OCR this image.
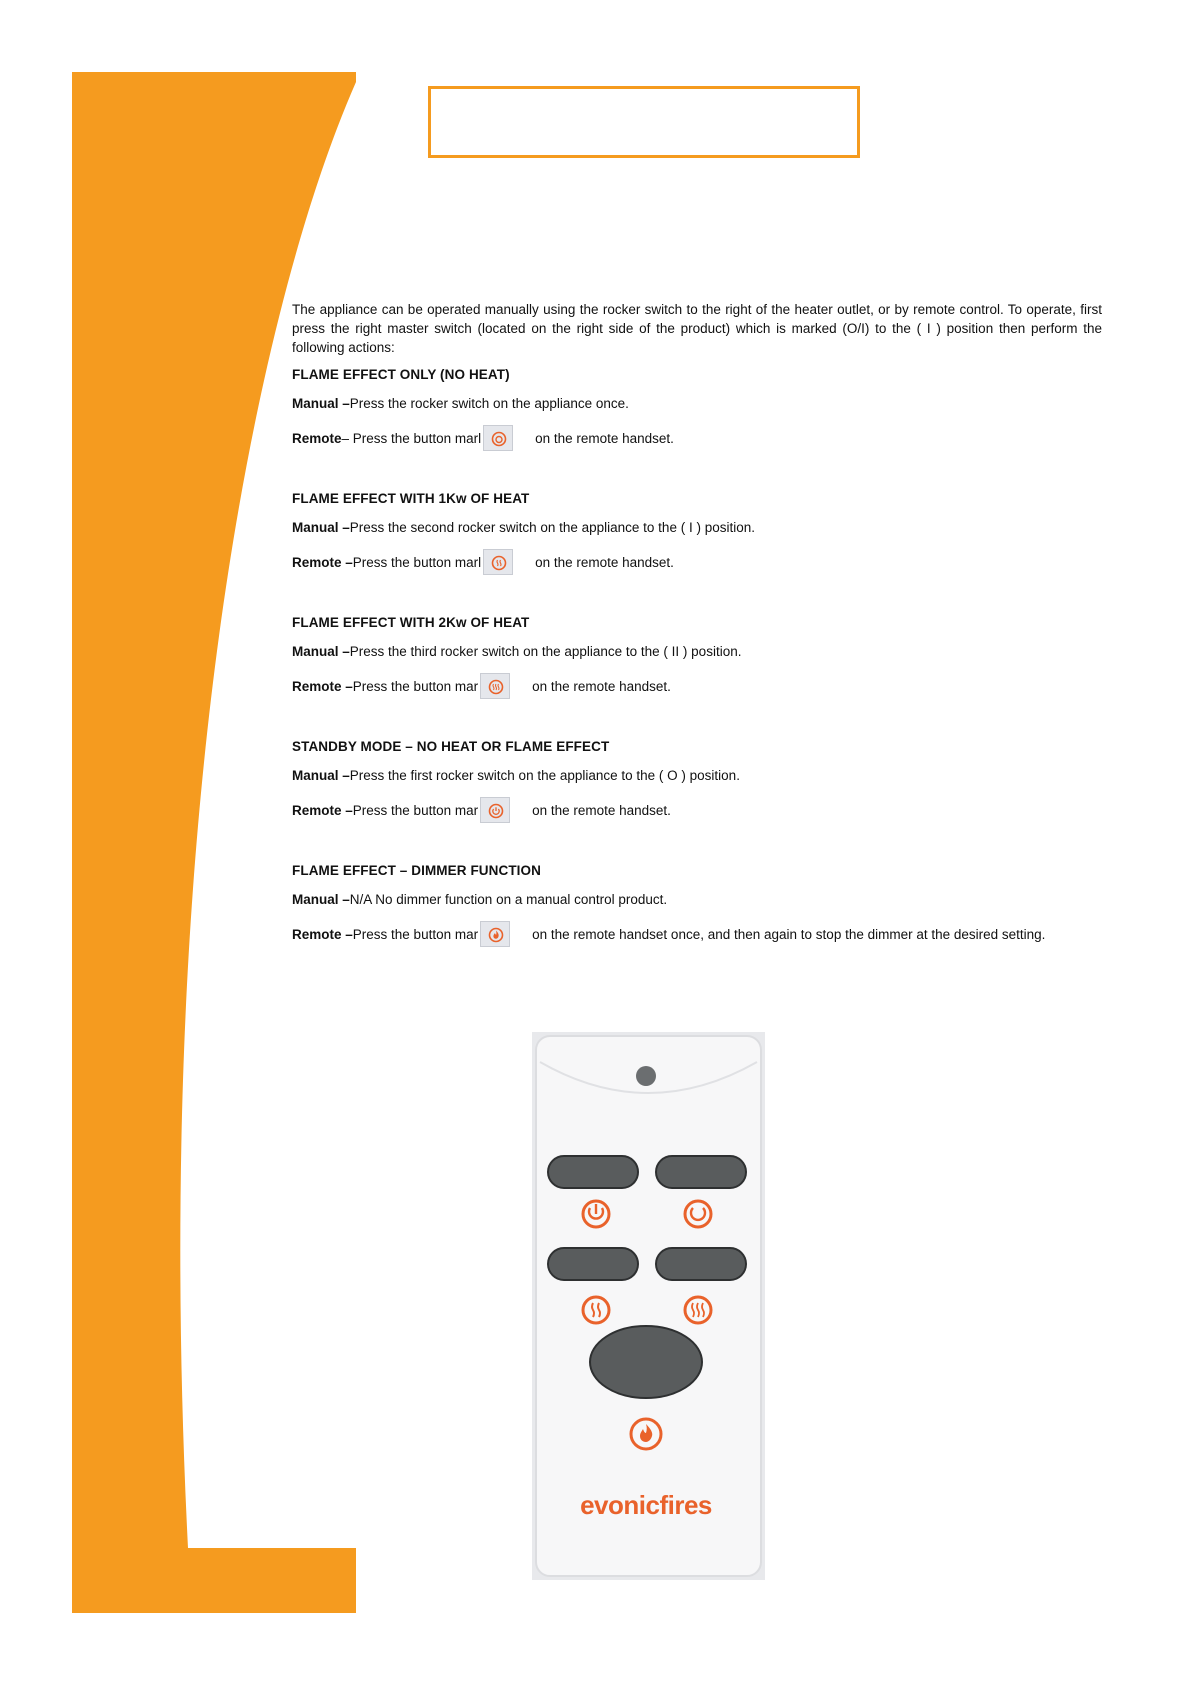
The appliance can be operated manually using the rocker switch to the right of the heater outlet, or by remote control. To operate, first press the right master switch (located on the right side of the product) which is marked (O/I) to the ( I ) position then perform the following actions:

FLAME EFFECT ONLY (NO HEAT)
Manual – Press the rocker switch on the appliance once.
Remote – Press the button marl	on the remote handset.
FLAME EFFECT WITH 1Kw OF HEAT
Manual – Press the second rocker switch on the appliance to the ( I ) position.
Remote – Press the button marl	on the remote handset.
FLAME EFFECT WITH 2Kw OF HEAT
Manual – Press the third rocker switch on the appliance to the ( II ) position.
Remote – Press the button mar	on the remote handset.
STANDBY MODE – NO HEAT OR FLAME EFFECT
Manual – Press the first rocker switch on the appliance to the ( O ) position.
Remote – Press the button mar	on the remote handset.
FLAME EFFECT – DIMMER FUNCTION
Manual – N/A No dimmer function on a manual control product.
Remote – Press the button mar	on the remote handset once, and then again to stop the dimmer at the desired setting.
evonicfires
